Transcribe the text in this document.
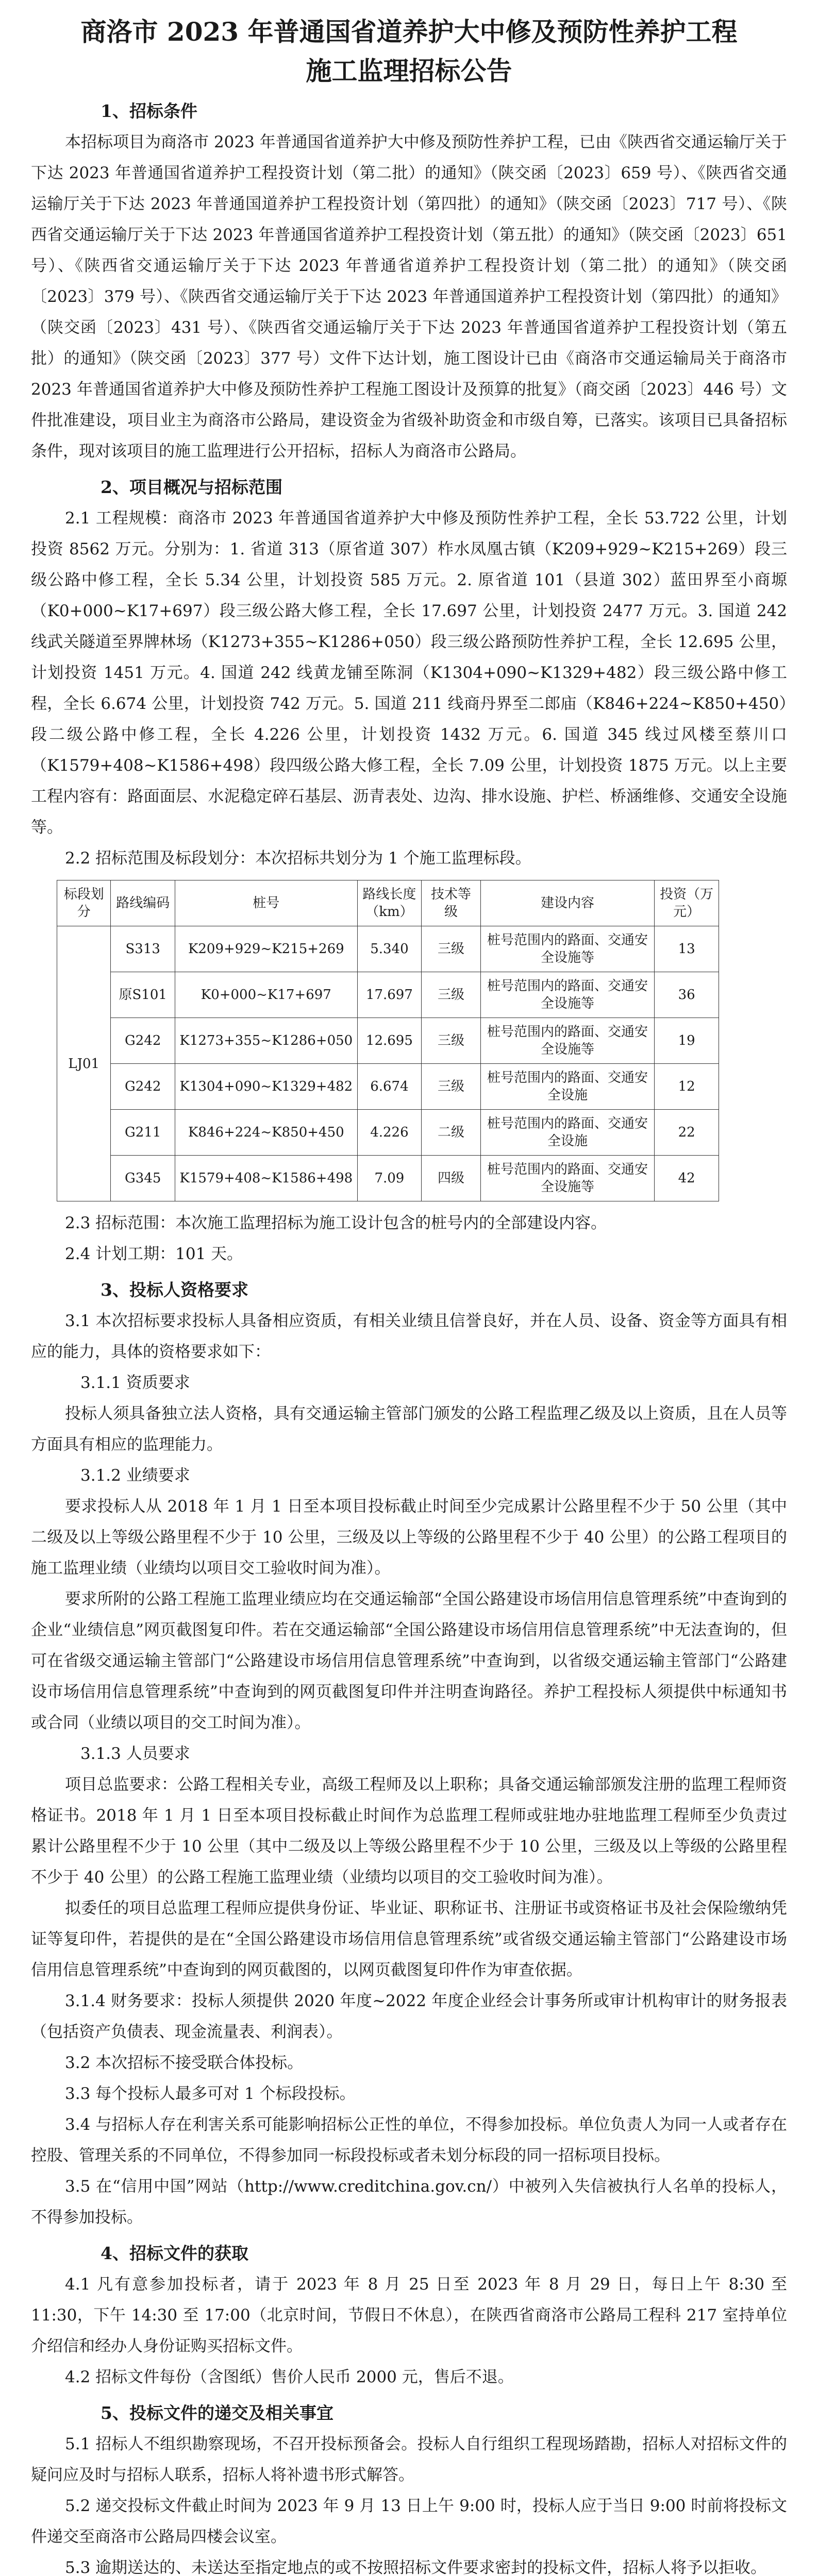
商洛市 2023 年普通国省道养护大中修及预防性养护工程
施工监理招标公告
1、招标条件

本招标项目为商洛市 2023 年普通国省道养护大中修及预防性养护工程，已由《陕西省交通运输厅关于下达 2023 年普通国省道养护工程投资计划（第二批）的通知》（陕交函〔2023〕659 号）、《陕西省交通运输厅关于下达 2023 年普通国道养护工程投资计划（第四批）的通知》（陕交函〔2023〕717 号）、《陕西省交通运输厅关于下达 2023 年普通国省道养护工程投资计划（第五批）的通知》（陕交函〔2023〕651 号）、《陕西省交通运输厅关于下达 2023 年普通省道养护工程投资计划（第二批）的通知》（陕交函〔2023〕379 号）、《陕西省交通运输厅关于下达 2023 年普通国道养护工程投资计划（第四批）的通知》（陕交函〔2023〕431 号）、《陕西省交通运输厅关于下达 2023 年普通国省道养护工程投资计划（第五批）的通知》（陕交函〔2023〕377 号）文件下达计划，施工图设计已由《商洛市交通运输局关于商洛市 2023 年普通国省道养护大中修及预防性养护工程施工图设计及预算的批复》（商交函〔2023〕446 号）文件批准建设，项目业主为商洛市公路局，建设资金为省级补助资金和市级自筹，已落实。该项目已具备招标条件，现对该项目的施工监理进行公开招标，招标人为商洛市公路局。

2、项目概况与招标范围

2.1 工程规模：商洛市 2023 年普通国省道养护大中修及预防性养护工程，全长 53.722 公里，计划投资 8562 万元。分别为：1. 省道 313（原省道 307）柞水凤凰古镇（K209+929~K215+269）段三级公路中修工程，全长 5.34 公里，计划投资 585 万元。2. 原省道 101（县道 302）蓝田界至小商塬（K0+000~K17+697）段三级公路大修工程，全长 17.697 公里，计划投资 2477 万元。3. 国道 242 线武关隧道至界牌林场（K1273+355~K1286+050）段三级公路预防性养护工程，全长 12.695 公里，计划投资 1451 万元。4. 国道 242 线黄龙铺至陈洞（K1304+090~K1329+482）段三级公路中修工程，全长 6.674 公里，计划投资 742 万元。5. 国道 211 线商丹界至二郎庙（K846+224~K850+450）段二级公路中修工程，全长 4.226 公里，计划投资 1432 万元。6. 国道 345 线过风楼至蔡川口（K1579+408~K1586+498）段四级公路大修工程，全长 7.09 公里，计划投资 1875 万元。以上主要工程内容有：路面面层、水泥稳定碎石基层、沥青表处、边沟、排水设施、护栏、桥涵维修、交通安全设施等。

2.2 招标范围及标段划分：本次招标共划分为 1 个施工监理标段。

标段划分	路线编码	桩号	路线长度（km）	技术等级	建设内容	投资（万元）
LJ01	S313	K209+929~K215+269	5.340	三级	桩号范围内的路面、交通安全设施等	13
	原S101	K0+000~K17+697	17.697	三级	桩号范围内的路面、交通安全设施等	36
	G242	K1273+355~K1286+050	12.695	三级	桩号范围内的路面、交通安全设施等	19
	G242	K1304+090~K1329+482	6.674	三级	桩号范围内的路面、交通安全设施	12
	G211	K846+224~K850+450	4.226	二级	桩号范围内的路面、交通安全设施	22
	G345	K1579+408~K1586+498	7.09	四级	桩号范围内的路面、交通安全设施等	42

2.3 招标范围：本次施工监理招标为施工设计包含的桩号内的全部建设内容。

2.4 计划工期：101 天。

3、投标人资格要求

3.1 本次招标要求投标人具备相应资质，有相关业绩且信誉良好，并在人员、设备、资金等方面具有相应的能力，具体的资格要求如下：

3.1.1 资质要求

投标人须具备独立法人资格，具有交通运输主管部门颁发的公路工程监理乙级及以上资质，且在人员等方面具有相应的监理能力。

3.1.2 业绩要求

要求投标人从 2018 年 1 月 1 日至本项目投标截止时间至少完成累计公路里程不少于 50 公里（其中二级及以上等级公路里程不少于 10 公里，三级及以上等级的公路里程不少于 40 公里）的公路工程项目的施工监理业绩（业绩均以项目交工验收时间为准）。

要求所附的公路工程施工监理业绩应均在交通运输部“全国公路建设市场信用信息管理系统”中查询到的企业“业绩信息”网页截图复印件。若在交通运输部“全国公路建设市场信用信息管理系统”中无法查询的，但可在省级交通运输主管部门“公路建设市场信用信息管理系统”中查询到，以省级交通运输主管部门“公路建设市场信用信息管理系统”中查询到的网页截图复印件并注明查询路径。养护工程投标人须提供中标通知书或合同（业绩以项目的交工时间为准）。

3.1.3 人员要求

项目总监要求：公路工程相关专业，高级工程师及以上职称；具备交通运输部颁发注册的监理工程师资格证书。2018 年 1 月 1 日至本项目投标截止时间作为总监理工程师或驻地办驻地监理工程师至少负责过累计公路里程不少于 10 公里（其中二级及以上等级公路里程不少于 10 公里，三级及以上等级的公路里程不少于 40 公里）的公路工程施工监理业绩（业绩均以项目的交工验收时间为准）。

拟委任的项目总监理工程师应提供身份证、毕业证、职称证书、注册证书或资格证书及社会保险缴纳凭证等复印件，若提供的是在“全国公路建设市场信用信息管理系统”或省级交通运输主管部门“公路建设市场信用信息管理系统”中查询到的网页截图的，以网页截图复印件作为审查依据。

3.1.4 财务要求：投标人须提供 2020 年度~2022 年度企业经会计事务所或审计机构审计的财务报表（包括资产负债表、现金流量表、利润表）。

3.2 本次招标不接受联合体投标。

3.3 每个投标人最多可对 1 个标段投标。

3.4 与招标人存在利害关系可能影响招标公正性的单位，不得参加投标。单位负责人为同一人或者存在控股、管理关系的不同单位，不得参加同一标段投标或者未划分标段的同一招标项目投标。

3.5 在“信用中国”网站（http://www.creditchina.gov.cn/）中被列入失信被执行人名单的投标人，不得参加投标。

4、招标文件的获取

4.1 凡有意参加投标者，请于 2023 年 8 月 25 日至 2023 年 8 月 29 日，每日上午 8:30 至 11:30，下午 14:30 至 17:00（北京时间，节假日不休息），在陕西省商洛市公路局工程科 217 室持单位介绍信和经办人身份证购买招标文件。

4.2 招标文件每份（含图纸）售价人民币 2000 元，售后不退。

5、投标文件的递交及相关事宜

5.1 招标人不组织勘察现场，不召开投标预备会。投标人自行组织工程现场踏勘，招标人对招标文件的疑问应及时与招标人联系，招标人将补遗书形式解答。

5.2 递交投标文件截止时间为 2023 年 9 月 13 日上午 9:00 时，投标人应于当日 9:00 时前将投标文件递交至商洛市公路局四楼会议室。

5.3 逾期送达的、未送达至指定地点的或不按照招标文件要求密封的投标文件，招标人将予以拒收。
